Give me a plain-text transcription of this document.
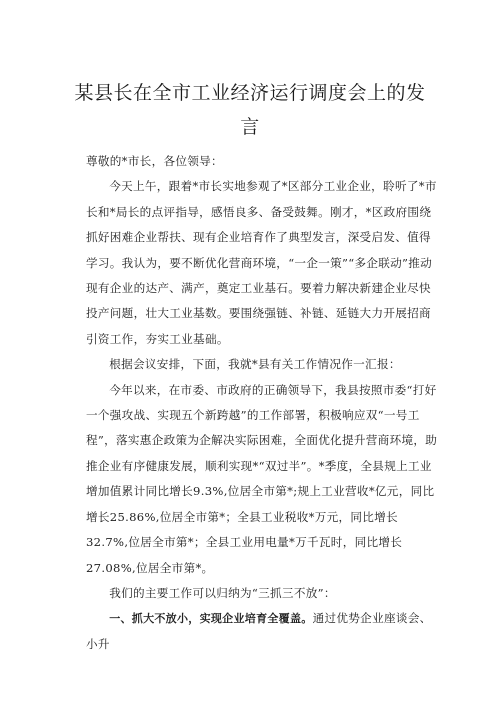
某县长在全市工业经济运行调度会上的发言

尊敬的*市长，各位领导：

今天上午，跟着*市长实地参观了*区部分工业企业，聆听了*市长和*局长的点评指导，感悟良多、备受鼓舞。刚才，*区政府围绕抓好困难企业帮扶、现有企业培育作了典型发言，深受启发、值得学习。我认为，要不断优化营商环境，“一企一策”“多企联动”推动现有企业的达产、满产，奠定工业基石。要着力解决新建企业尽快投产问题，壮大工业基数。要围绕强链、补链、延链大力开展招商引资工作，夯实工业基础。

根据会议安排，下面，我就*县有关工作情况作一汇报：

今年以来，在市委、市政府的正确领导下，我县按照市委“打好一个强攻战、实现五个新跨越”的工作部署，积极响应双“一号工程”，落实惠企政策为企解决实际困难，全面优化提升营商环境，助推企业有序健康发展，顺利实现*“双过半”。*季度，全县规上工业增加值累计同比增长9.3%,位居全市第*;规上工业营收*亿元，同比增长25.86%,位居全市第*；全县工业税收*万元，同比增长32.7%,位居全市第*；全县工业用电量*万千瓦时，同比增长27.08%,位居全市第*。

我们的主要工作可以归纳为“三抓三不放”：

一、抓大不放小，实现企业培育全覆盖。通过优势企业座谈会、小升
